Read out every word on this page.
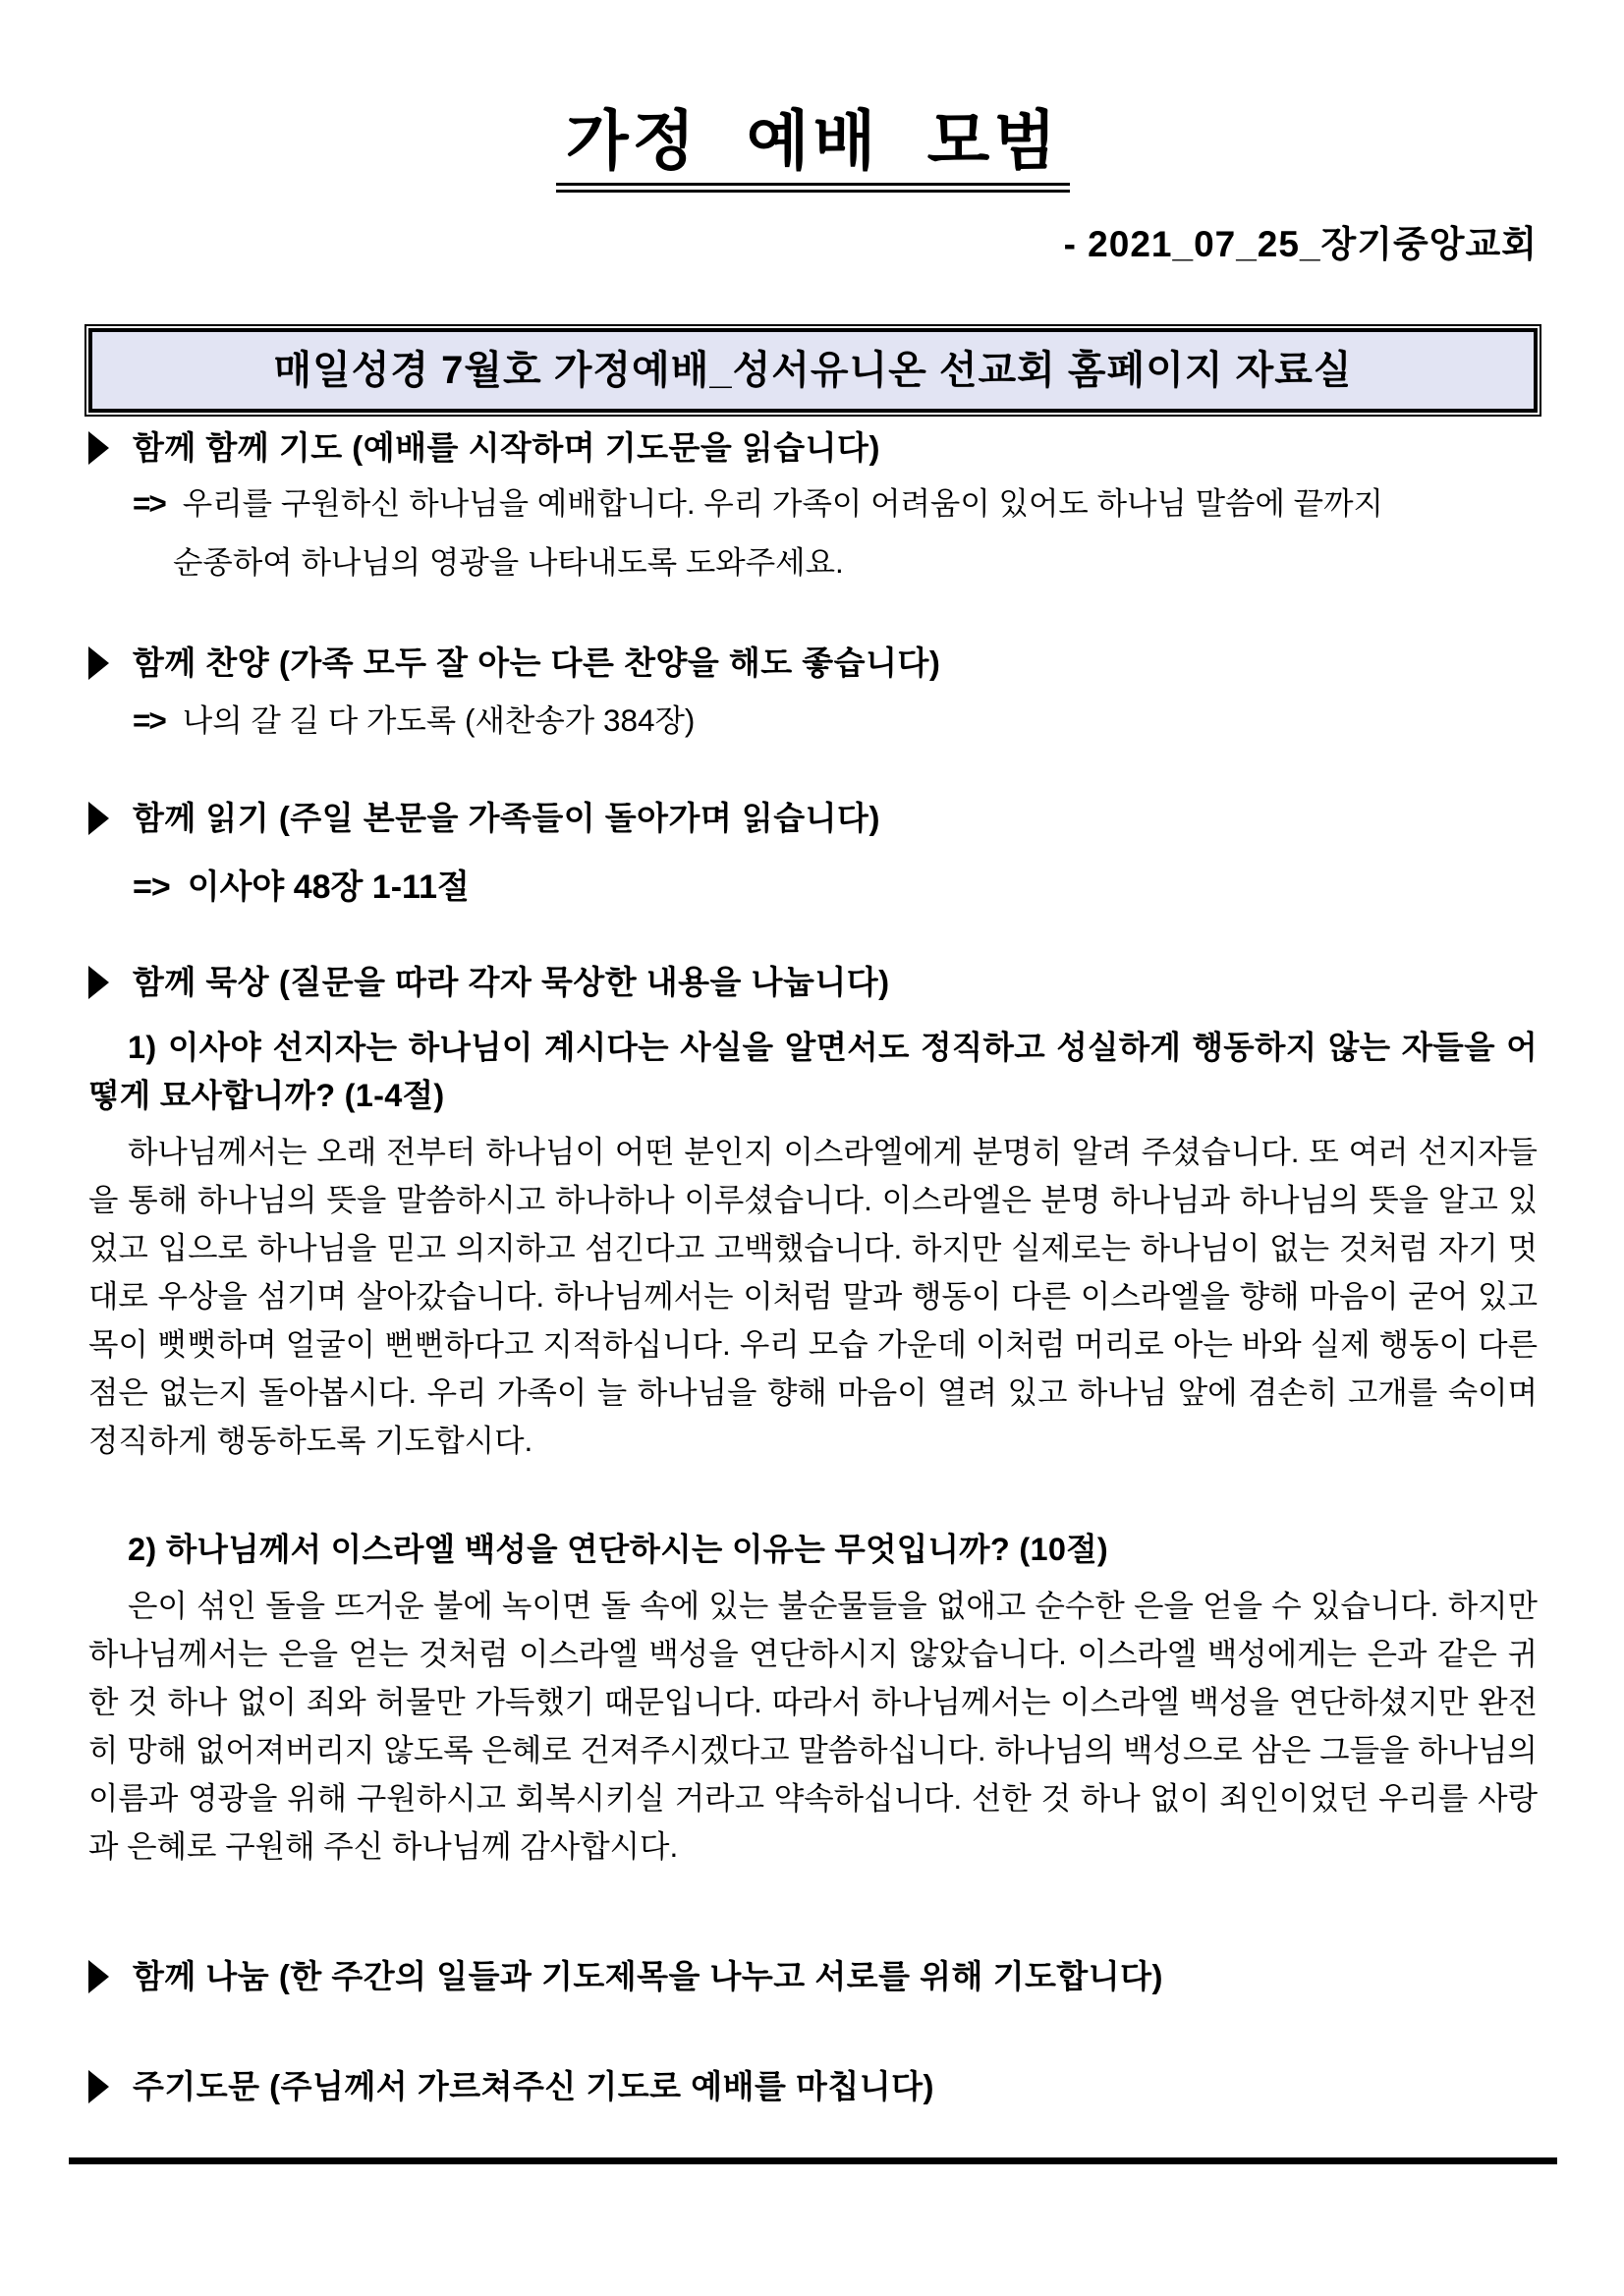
가정 예배 모범
- 2021_07_25_장기중앙교회
매일성경 7월호 가정예배_성서유니온 선교회 홈페이지 자료실
함께 함께 기도 (예배를 시작하며 기도문을 읽습니다)
=> 우리를 구원하신 하나님을 예배합니다. 우리 가족이 어려움이 있어도 하나님 말씀에 끝까지
순종하여 하나님의 영광을 나타내도록 도와주세요.
함께 찬양 (가족 모두 잘 아는 다른 찬양을 해도 좋습니다)
=> 나의 갈 길 다 가도록 (새찬송가 384장)
함께 읽기 (주일 본문을 가족들이 돌아가며 읽습니다)
=> 이사야 48장 1-11절
함께 묵상 (질문을 따라 각자 묵상한 내용을 나눕니다)
1) 이사야 선지자는 하나님이 계시다는 사실을 알면서도 정직하고 성실하게 행동하지 않는 자들을 어떻게 묘사합니까? (1-4절)
하나님께서는 오래 전부터 하나님이 어떤 분인지 이스라엘에게 분명히 알려 주셨습니다. 또 여러 선지자들을 통해 하나님의 뜻을 말씀하시고 하나하나 이루셨습니다. 이스라엘은 분명 하나님과 하나님의 뜻을 알고 있었고 입으로 하나님을 믿고 의지하고 섬긴다고 고백했습니다. 하지만 실제로는 하나님이 없는 것처럼 자기 멋대로 우상을 섬기며 살아갔습니다. 하나님께서는 이처럼 말과 행동이 다른 이스라엘을 향해 마음이 굳어 있고 목이 뻣뻣하며 얼굴이 뻔뻔하다고 지적하십니다. 우리 모습 가운데 이처럼 머리로 아는 바와 실제 행동이 다른 점은 없는지 돌아봅시다. 우리 가족이 늘 하나님을 향해 마음이 열려 있고 하나님 앞에 겸손히 고개를 숙이며 정직하게 행동하도록 기도합시다.
2) 하나님께서 이스라엘 백성을 연단하시는 이유는 무엇입니까? (10절)
은이 섞인 돌을 뜨거운 불에 녹이면 돌 속에 있는 불순물들을 없애고 순수한 은을 얻을 수 있습니다. 하지만 하나님께서는 은을 얻는 것처럼 이스라엘 백성을 연단하시지 않았습니다. 이스라엘 백성에게는 은과 같은 귀한 것 하나 없이 죄와 허물만 가득했기 때문입니다. 따라서 하나님께서는 이스라엘 백성을 연단하셨지만 완전히 망해 없어져버리지 않도록 은혜로 건져주시겠다고 말씀하십니다. 하나님의 백성으로 삼은 그들을 하나님의 이름과 영광을 위해 구원하시고 회복시키실 거라고 약속하십니다. 선한 것 하나 없이 죄인이었던 우리를 사랑과 은혜로 구원해 주신 하나님께 감사합시다.
함께 나눔 (한 주간의 일들과 기도제목을 나누고 서로를 위해 기도합니다)
주기도문 (주님께서 가르쳐주신 기도로 예배를 마칩니다)
